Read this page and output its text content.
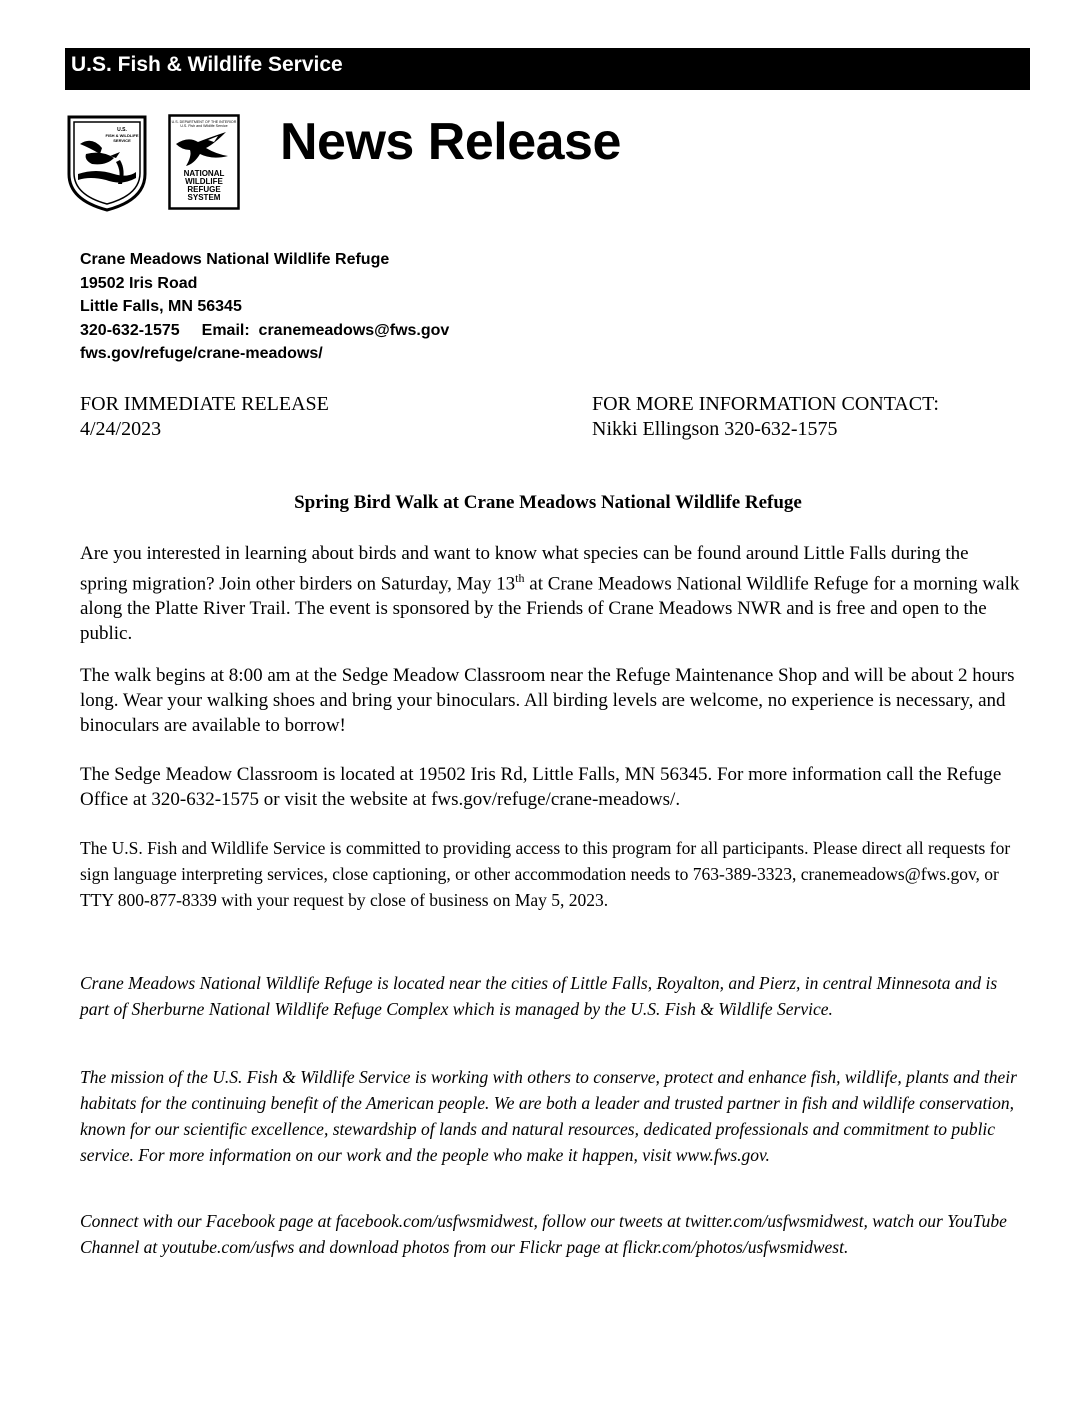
U.S. Fish & Wildlife Service
U.S.
FISH & WILDLIFE
SERVICE
U.S. DEPARTMENT OF THE INTERIOR
U.S. Fish and Wildlife Service
NATIONAL
WILDLIFE
REFUGE
SYSTEM
News Release
Crane Meadows National Wildlife Refuge
19502 Iris Road
Little Falls, MN 56345
320-632-1575 Email: cranemeadows@fws.gov
fws.gov/refuge/crane-meadows/
FOR IMMEDIATE RELEASE
4/24/2023
FOR MORE INFORMATION CONTACT:
Nikki Ellingson 320-632-1575
Spring Bird Walk at Crane Meadows National Wildlife Refuge
Are you interested in learning about birds and want to know what species can be found around Little Falls during the spring migration? Join other birders on Saturday, May 13th at Crane Meadows National Wildlife Refuge for a morning walk along the Platte River Trail. The event is sponsored by the Friends of Crane Meadows NWR and is free and open to the public.
The walk begins at 8:00 am at the Sedge Meadow Classroom near the Refuge Maintenance Shop and will be about 2 hours long. Wear your walking shoes and bring your binoculars. All birding levels are welcome, no experience is necessary, and binoculars are available to borrow!
The Sedge Meadow Classroom is located at 19502 Iris Rd, Little Falls, MN 56345. For more information call the Refuge Office at 320-632-1575 or visit the website at fws.gov/refuge/crane-meadows/.
The U.S. Fish and Wildlife Service is committed to providing access to this program for all participants. Please direct all requests for sign language interpreting services, close captioning, or other accommodation needs to 763-389-3323, cranemeadows@fws.gov, or TTY 800-877-8339 with your request by close of business on May 5, 2023.
Crane Meadows National Wildlife Refuge is located near the cities of Little Falls, Royalton, and Pierz, in central Minnesota and is part of Sherburne National Wildlife Refuge Complex which is managed by the U.S. Fish & Wildlife Service.
The mission of the U.S. Fish & Wildlife Service is working with others to conserve, protect and enhance fish, wildlife, plants and their habitats for the continuing benefit of the American people. We are both a leader and trusted partner in fish and wildlife conservation, known for our scientific excellence, stewardship of lands and natural resources, dedicated professionals and commitment to public service. For more information on our work and the people who make it happen, visit www.fws.gov.
Connect with our Facebook page at facebook.com/usfwsmidwest, follow our tweets at twitter.com/usfwsmidwest, watch our YouTube Channel at youtube.com/usfws and download photos from our Flickr page at flickr.com/photos/usfwsmidwest.
